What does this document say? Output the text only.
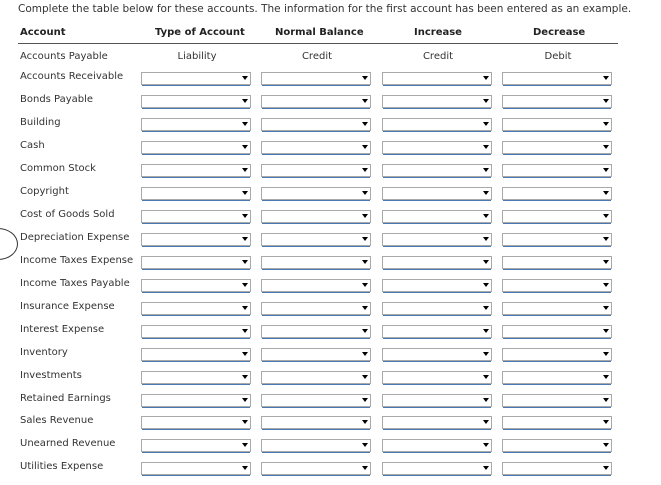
Complete the table below for these accounts. The information for the first account has been entered as an example.
Account	Type of Account	Normal Balance	Increase	Decrease
Accounts Payable	Liability	Credit	Credit	Debit
Accounts Receivable
Bonds Payable
Building
Cash
Common Stock
Copyright
Cost of Goods Sold
Depreciation Expense
Income Taxes Expense
Income Taxes Payable
Insurance Expense
Interest Expense
Inventory
Investments
Retained Earnings
Sales Revenue
Unearned Revenue
Utilities Expense
